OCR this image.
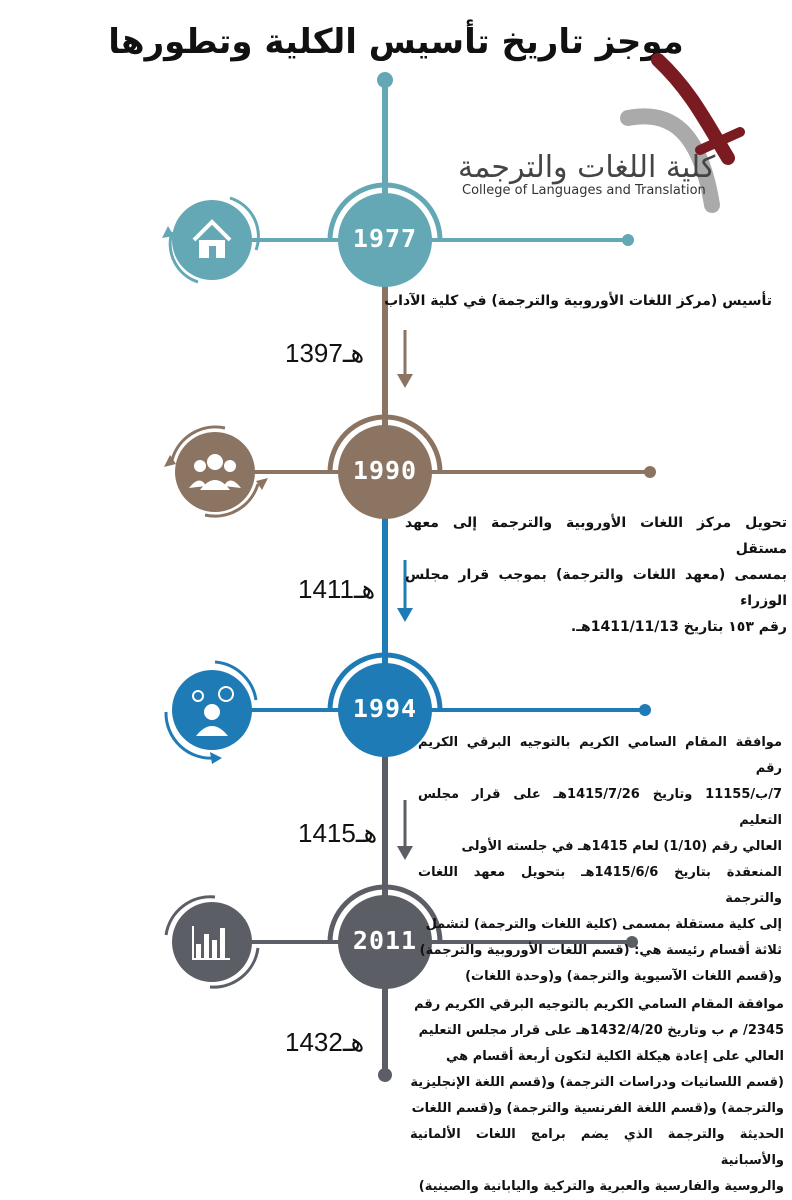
موجز تاريخ تأسيس الكلية وتطورها
كلية اللغات والترجمة
College of Languages and Translation
1977
1990
1994
2011
1397هـ
1411هـ
1415هـ
1432هـ

تأسيس (مركز اللغات الأوروبية والترجمة) في كلية الآداب

تحويل مركز اللغات الأوروبية والترجمة إلى معهد مستقل

بمسمى (معهد اللغات والترجمة) بموجب قرار مجلس الوزراء

رقم ١٥٣ بتاريخ 1411/11/13هـ.

موافقة المقام السامي الكريم بالتوجيه البرقي الكريم رقم

7/ب/11155 وتاريخ 1415/7/26هـ على قرار مجلس التعليم

العالي رقم (1/10) لعام 1415هـ في جلسته الأولى

المنعقدة بتاريخ 1415/6/6هـ بتحويل معهد اللغات والترجمة

إلى كلية مستقلة بمسمى (كلية اللغات والترجمة) لتشمل

ثلاثة أقسام رئيسة هي: (قسم اللغات الأوروبية والترجمة)

و(قسم اللغات الآسيوية والترجمة) و(وحدة اللغات)

موافقة المقام السامي الكريم بالتوجيه البرقي الكريم رقم

2345/ م ب وتاريخ 1432/4/20هـ على قرار مجلس التعليم

العالي على إعادة هيكلة الكلية لتكون أربعة أقسام هي

(قسم اللسانيات ودراسات الترجمة) و(قسم اللغة الإنجليزية

والترجمة) و(قسم اللغة الفرنسية والترجمة) و(قسم اللغات

الحديثة والترجمة الذي يضم برامج اللغات الألمانية والأسبانية

والروسية والفارسية والعبرية والتركية واليابانية والصينية)
